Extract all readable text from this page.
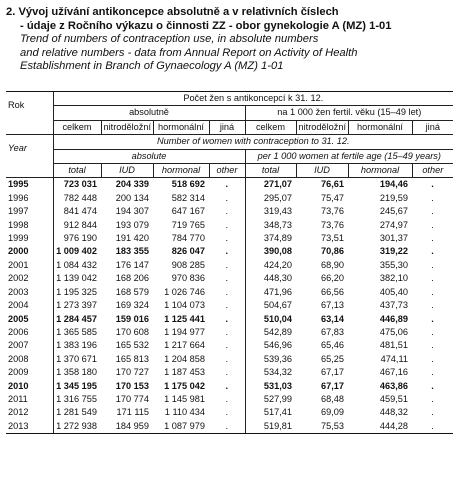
2. Vývoj užívání antikoncepce absolutně a v relativních číslech
- údaje z Ročního výkazu o činnosti ZZ - obor gynekologie A (MZ) 1-01
Trend of numbers of contraception use, in absolute numbers
and relative numbers - data from Annual Report on Activity of Health
Establishment in Branch of Gynaecology A (MZ) 1-01
Rok	Počet žen s antikoncepcí k 31. 12.							
	absolutně				na 1 000 žen fertil. věku (15–49 let)			
	celkem	nitroděložní	hormonální	jiná	celkem	nitroděložní	hormonální	jiná
Year	Number of women with contraception to 31. 12.							
	absolute				per 1 000 women at fertile age (15–49 years)			
	total	IUD	hormonal	other	total	IUD	hormonal	other
1995	723 031	204 339	518 692	.	271,07	76,61	194,46	.
1996	782 448	200 134	582 314	.	295,07	75,47	219,59	.
1997	841 474	194 307	647 167	.	319,43	73,76	245,67	.
1998	912 844	193 079	719 765	.	348,73	73,76	274,97	.
1999	976 190	191 420	784 770	.	374,89	73,51	301,37	.
2000	1 009 402	183 355	826 047	.	390,08	70,86	319,22	.
2001	1 084 432	176 147	908 285	.	424,20	68,90	355,30	.
2002	1 139 042	168 206	970 836	.	448,30	66,20	382,10	.
2003	1 195 325	168 579	1 026 746	.	471,96	66,56	405,40	.
2004	1 273 397	169 324	1 104 073	.	504,67	67,13	437,73	.
2005	1 284 457	159 016	1 125 441	.	510,04	63,14	446,89	.
2006	1 365 585	170 608	1 194 977	.	542,89	67,83	475,06	.
2007	1 383 196	165 532	1 217 664	.	546,96	65,46	481,51	.
2008	1 370 671	165 813	1 204 858	.	539,36	65,25	474,11	.
2009	1 358 180	170 727	1 187 453	.	534,32	67,17	467,16	.
2010	1 345 195	170 153	1 175 042	.	531,03	67,17	463,86	.
2011	1 316 755	170 774	1 145 981	.	527,99	68,48	459,51	.
2012	1 281 549	171 115	1 110 434	.	517,41	69,09	448,32	.
2013	1 272 938	184 959	1 087 979	.	519,81	75,53	444,28	.
